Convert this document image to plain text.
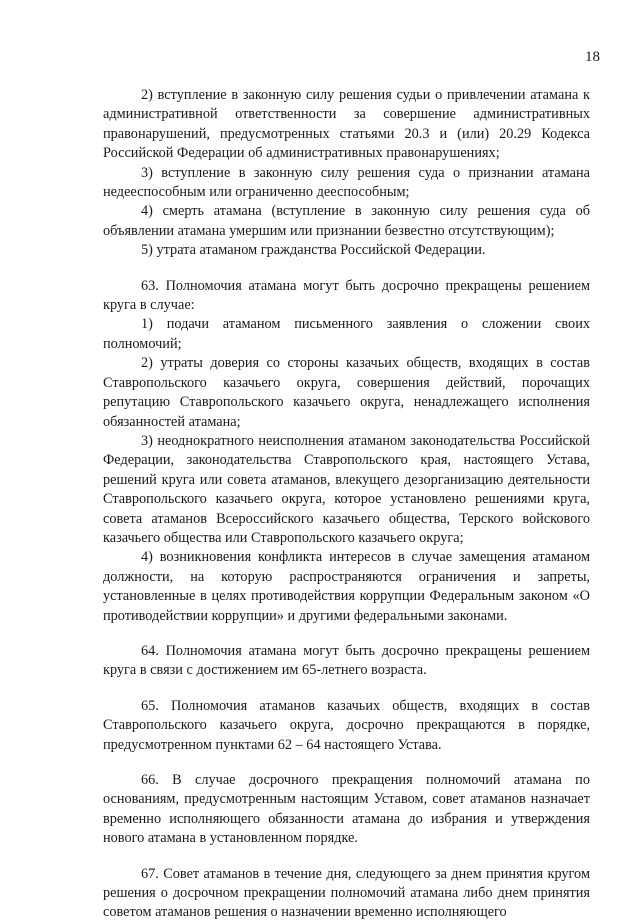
18

2) вступление в законную силу решения судьи о привлечении атамана к административной ответственности за совершение административных правонарушений, предусмотренных статьями 20.3 и (или) 20.29 Кодекса Российской Федерации об административных правонарушениях;

3) вступление в законную силу решения суда о признании атамана недееспособным или ограниченно дееспособным;

4) смерть атамана (вступление в законную силу решения суда об объявлении атамана умершим или признании безвестно отсутствующим);

5) утрата атаманом гражданства Российской Федерации.

63. Полномочия атамана могут быть досрочно прекращены решением круга в случае:

1) подачи атаманом письменного заявления о сложении своих полномочий;

2) утраты доверия со стороны казачьих обществ, входящих в состав Ставропольского казачьего округа, совершения действий, порочащих репутацию Ставропольского казачьего округа, ненадлежащего исполнения обязанностей атамана;

3) неоднократного неисполнения атаманом законодательства Российской Федерации, законодательства Ставропольского края, настоящего Устава, решений круга или совета атаманов, влекущего дезорганизацию деятельности Ставропольского казачьего округа, которое установлено решениями круга, совета атаманов Всероссийского казачьего общества, Терского войскового казачьего общества или Ставропольского казачьего округа;

4) возникновения конфликта интересов в случае замещения атаманом должности, на которую распространяются ограничения и запреты, установленные в целях противодействия коррупции Федеральным законом «О противодействии коррупции» и другими федеральными законами.

64. Полномочия атамана могут быть досрочно прекращены решением круга в связи с достижением им 65-летнего возраста.

65. Полномочия атаманов казачьих обществ, входящих в состав Ставропольского казачьего округа, досрочно прекращаются в порядке, предусмотренном пунктами 62 – 64 настоящего Устава.

66. В случае досрочного прекращения полномочий атамана по основаниям, предусмотренным настоящим Уставом, совет атаманов назначает временно исполняющего обязанности атамана до избрания и утверждения нового атамана в установленном порядке.

67. Совет атаманов в течение дня, следующего за днем принятия кругом решения о досрочном прекращении полномочий атамана либо днем принятия советом атаманов решения о назначении временно исполняющего
